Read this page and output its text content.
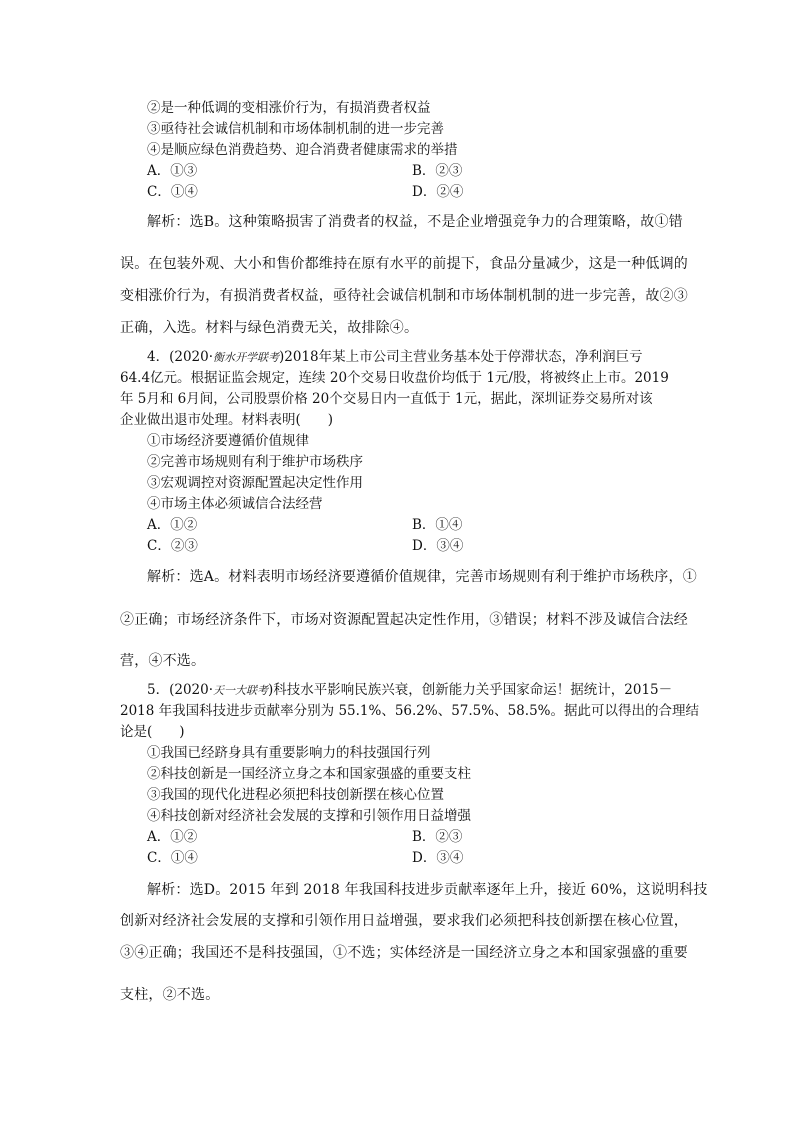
②是一种低调的变相涨价行为，有损消费者权益
③亟待社会诚信机制和市场体制机制的进一步完善
④是顺应绿色消费趋势、迎合消费者健康需求的举措
A．①③	B．②③
C．①④	D．②④
解析：选B。这种策略损害了消费者的权益，不是企业增强竞争力的合理策略，故①错
误。在包装外观、大小和售价都维持在原有水平的前提下，食品分量减少，这是一种低调的
变相涨价行为，有损消费者权益，亟待社会诚信机制和市场体制机制的进一步完善，故②③
正确，入选。材料与绿色消费无关，故排除④。
4．(2020·衡水开学联考)2018年某上市公司主营业务基本处于停滞状态，净利润巨亏
64.4亿元。根据证监会规定，连续 20个交易日收盘价均低于 1元/股，将被终止上市。2019
年 5月和 6月间，公司股票价格 20个交易日内一直低于 1元，据此，深圳证券交易所对该
企业做出退市处理。材料表明(　　)
①市场经济要遵循价值规律
②完善市场规则有利于维护市场秩序
③宏观调控对资源配置起决定性作用
④市场主体必须诚信合法经营
A．①②	B．①④
C．②③	D．③④
解析：选A。材料表明市场经济要遵循价值规律，完善市场规则有利于维护市场秩序，①
②正确；市场经济条件下，市场对资源配置起决定性作用，③错误；材料不涉及诚信合法经
营，④不选。
5．(2020·天一大联考)科技水平影响民族兴衰，创新能力关乎国家命运！据统计，2015－
2018 年我国科技进步贡献率分别为 55.1%、56.2%、57.5%、58.5%。据此可以得出的合理结
论是(　　)
①我国已经跻身具有重要影响力的科技强国行列
②科技创新是一国经济立身之本和国家强盛的重要支柱
③我国的现代化进程必须把科技创新摆在核心位置
④科技创新对经济社会发展的支撑和引领作用日益增强
A．①②	B．②③
C．①④	D．③④
解析：选D。2015 年到 2018 年我国科技进步贡献率逐年上升，接近 60%，这说明科技
创新对经济社会发展的支撑和引领作用日益增强，要求我们必须把科技创新摆在核心位置，
③④正确；我国还不是科技强国，①不选；实体经济是一国经济立身之本和国家强盛的重要
支柱，②不选。
